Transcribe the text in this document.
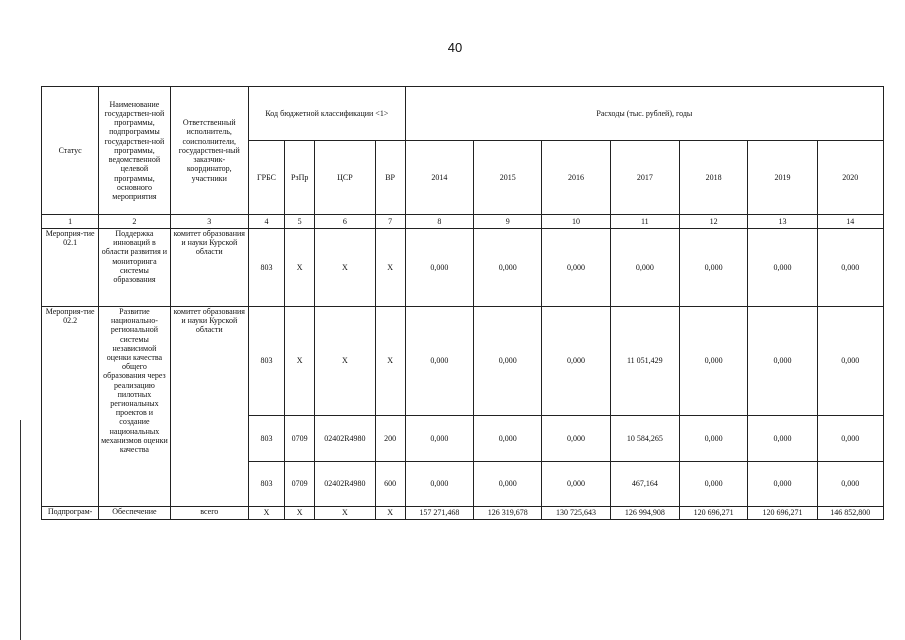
40
Статус	Наименование государствен-ной программы, подпрограммы государствен-ной программы, ведомственной целевой программы, основного мероприятия	Ответственный исполнитель, соисполнители, государствен-ный заказчик-координатор, участники	Код бюджетной классификации <1>				Расходы (тыс. рублей), годы						
			ГРБС	РзПр	ЦСР	ВР	2014	2015	2016	2017	2018	2019	2020
1	2	3	4	5	6	7	8	9	10	11	12	13	14
Мероприя-тие 02.1	Поддержка инноваций в области развития и мониторинга системы образования	комитет образования и науки Курской области	803	X	X	X	0,000	0,000	0,000	0,000	0,000	0,000	0,000
Мероприя-тие 02.2	Развитие национально-региональной системы независимой оценки качества общего образования через реализацию пилотных региональных проектов и создание национальных механизмов оценки качества	комитет образования и науки Курской области	803	X	X	X	0,000	0,000	0,000	11 051,429	0,000	0,000	0,000
			803	0709	02402R4980	200	0,000	0,000	0,000	10 584,265	0,000	0,000	0,000
			803	0709	02402R4980	600	0,000	0,000	0,000	467,164	0,000	0,000	0,000
Подпрограм-	Обеспечение	всего	X	X	X	X	157 271,468	126 319,678	130 725,643	126 994,908	120 696,271	120 696,271	146 852,800
